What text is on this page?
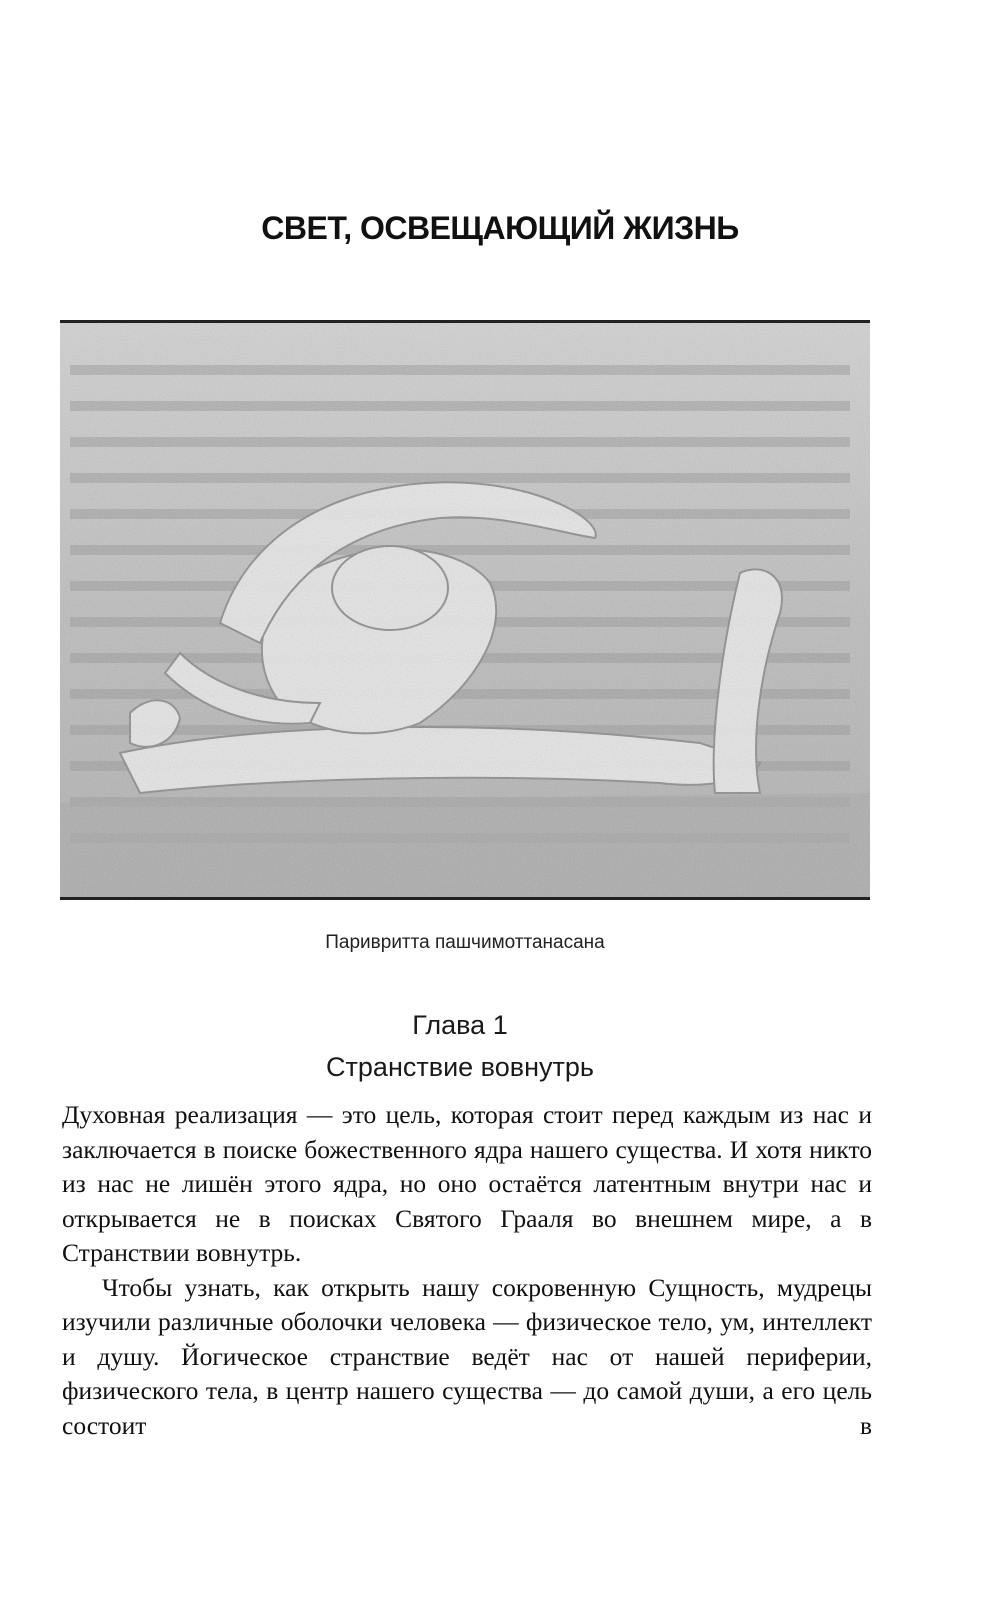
СВЕТ, ОСВЕЩАЮЩИЙ ЖИЗНЬ
Паривритта пашчимоттанасана
Глава 1
Странствие вовнутрь

Духовная реализация — это цель, которая стоит перед каждым из нас и заключается в поиске божественного ядра нашего существа. И хотя никто из нас не лишён этого ядра, но оно остаётся латентным внутри нас и открывается не в поисках Святого Грааля во внешнем мире, а в Странствии вовнутрь.

Чтобы узнать, как открыть нашу сокровенную Сущность, мудрецы изучили различные оболочки человека — физическое тело, ум, интеллект и душу. Йогическое странствие ведёт нас от нашей периферии, физического тела, в центр нашего существа — до самой души, а его цель состоит в
